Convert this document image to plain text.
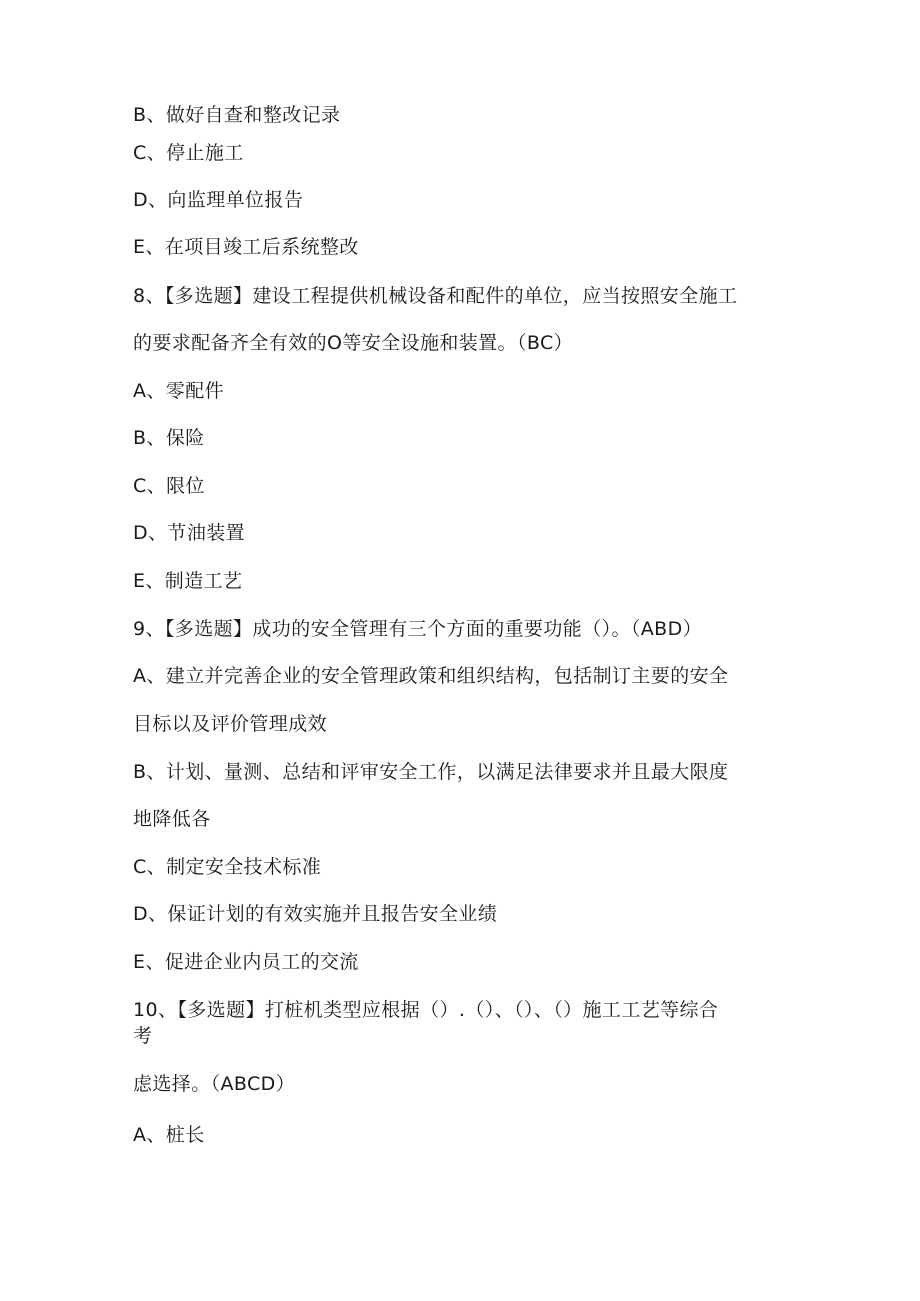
B、做好自查和整改记录
C、停止施工
D、向监理单位报告
E、在项目竣工后系统整改
8、【多选题】建设工程提供机械设备和配件的单位，应当按照安全施工
的要求配备齐全有效的O等安全设施和装置。（BC）
A、零配件
B、保险
C、限位
D、节油装置
E、制造工艺
9、【多选题】成功的安全管理有三个方面的重要功能（）。（ABD）
A、建立并完善企业的安全管理政策和组织结构，包括制订主要的安全
目标以及评价管理成效
B、计划、量测、总结和评审安全工作，以满足法律要求并且最大限度
地降低各
C、制定安全技术标准
D、保证计划的有效实施并且报告安全业绩
E、促进企业内员工的交流
10、【多选题】打桩机类型应根据（）.（）、（）、（）施工工艺等综合
考
虑选择。（ABCD）
A、桩长
